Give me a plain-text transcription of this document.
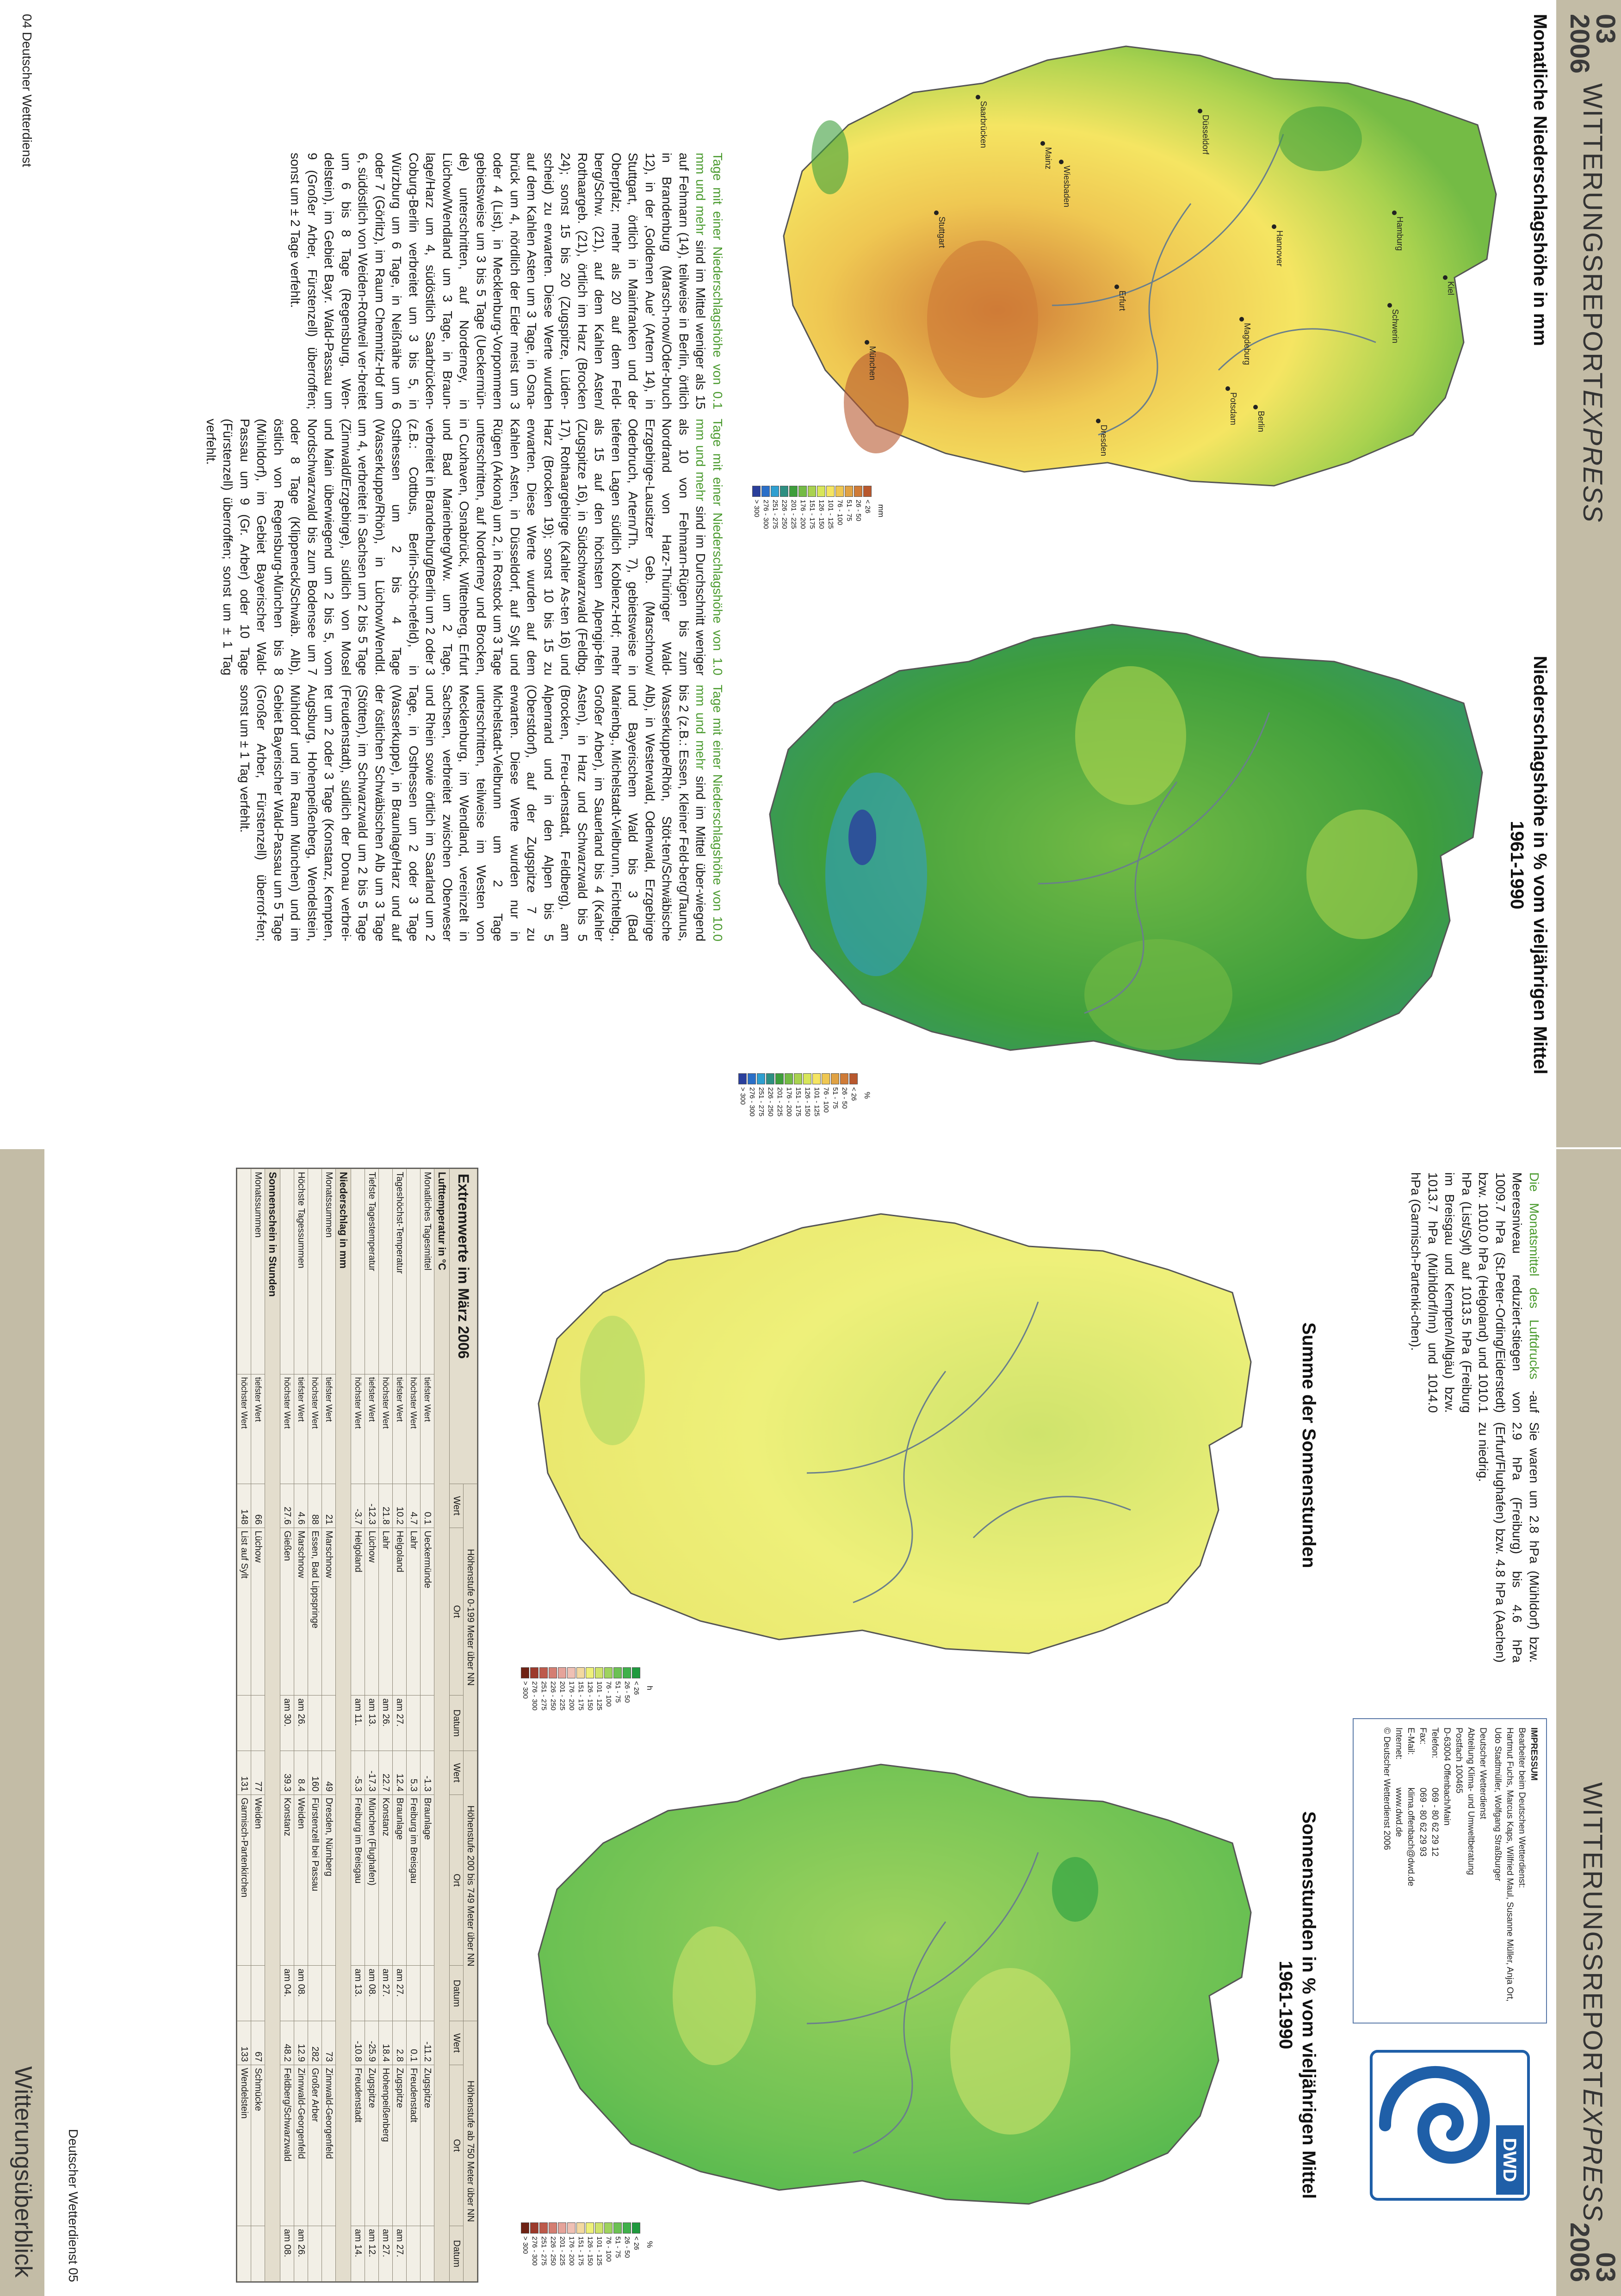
03
2006
WITTERUNGSREPORTEXPRESS
Monatliche Niederschlagshöhe in mm
Niederschlagshöhe in % vom vieljährigen Mittel
1961-1990
Hamburg
Kiel
Schwerin
Berlin
Hannover
Magdeburg
Potsdam
Düsseldorf
Erfurt
Dresden
Wiesbaden
Mainz
Saarbrücken
Stuttgart
München
mm
< 26
26 - 50
51 - 75
76 - 100
101 - 125
126 - 150
151 - 175
176 - 200
201 - 225
226 - 250
251 - 275
276 - 300
> 300
%
< 26
26 - 50
51 - 75
76 - 100
101 - 125
126 - 150
151 - 175
176 - 200
201 - 225
226 - 250
251 - 275
276 - 300
> 300
Tage mit einer Niederschlagshöhe von 0.1 mm und mehr sind im Mittel weniger als 15 auf Fehmarn (14), teilweise in Berlin, örtlich in Brandenburg (Marsch-now/Oder-bruch 12), in der ‚Goldenen Aue' (Artern 14), in Stuttgart, örtlich in Mainfranken und der Oberpfalz; mehr als 20 auf dem Feld-berg/Schw. (21), auf dem Kahlen Asten/ Rothaargeb. (21), örtlich im Harz (Brocken 24); sonst 15 bis 20 (Zugspitze, Lüden-scheid) zu erwarten. Diese Werte wurden auf dem Kahlen Asten um 3 Tage, in Osna-brück um 4, nördlich der Eider meist um 3 oder 4 (List), in Mecklenburg-Vorpommern gebietsweise um 3 bis 5 Tage (Ueckermün-de) unterschritten, auf Norderney, in Lüchow/Wendland um 3 Tage, in Braun-lage/Harz um 4, südöstlich Saarbrücken-Coburg-Berlin verbreitet um 3 bis 5, in Würzburg um 6 Tage, in Neißnähe um 6 oder 7 (Görlitz), im Raum Chemnitz-Hof um 6, südöstlich von Weiden-Rottweil ver-breitet um 6 bis 8 Tage (Regensburg, Wen-delstein), im Gebiet Bayr. Wald-Passau um 9 (Großer Arber, Fürstenzell) überroffen; sonst um ± 2 Tage verfehlt.
Tage mit einer Niederschlagshöhe von 1.0 mm und mehr sind im Durchschnitt weniger als 10 von Fehmarn-Rügen bis zum Nordrand von Harz-Thüringer Wald-Erzgebirge-Lausitzer Geb. (Marschnow/ Oderbruch, Artern/Th. 7), gebietsweise in tieferen Lagen südlich Koblenz-Hof; mehr als 15 auf den höchsten Alpengip-feln (Zugspitze 16), in Südschwarzwald (Feldbg. 17), Rothaargebirge (Kahler As-ten 16) und Harz (Brocken 19); sonst 10 bis 15 zu erwarten. Diese Werte wurden auf dem Kahlen Asten, in Düsseldorf, auf Sylt und Rügen (Arkona) um 2, in Rostock um 3 Tage unterschritten, auf Norderney und Brocken, in Cuxhaven, Osnabrück, Wittenberg, Erfurt und Bad Marienberg/Ww. um 2 Tage, verbreitet in Brandenburg/Berlin um 2 oder 3 (z.B.: Cottbus, Berlin-Schö-nefeld), in Osthessen um 2 bis 4 Tage (Wasserkuppe/Rhön), in Lüchow/Wendld. um 4, verbreitet in Sachsen um 2 bis 5 Tage (Zinnwald/Erzgebirge), südlich von Mosel und Main überwiegend um 2 bis 5, vom Nordschwarzwald bis zum Bodensee um 7 oder 8 Tage (Klippeneck/Schwäb. Alb), östlich von Regensburg-München bis 8 (Mühldorf), im Gebiet Bayerischer Wald-Passau um 9 (Gr. Arber) oder 10 Tage (Fürstenzell) überroffen; sonst um ± 1 Tag verfehlt.
Tage mit einer Niederschlagshöhe von 10.0 mm und mehr sind im Mittel über-wiegend bis 2 (z.B.: Essen, Kleiner Feld-berg/Taunus, Wasserkuppe/Rhön, Stöt-ten/Schwäbische Alb), in Westerwald, Odenwald, Erzgebirge und Bayerischem Wald bis 3 (Bad Marienbg., Michelstadt-Vielbrunn, Fichtelbg., Großer Arber), im Sauerland bis 4 (Kahler Asten), in Harz und Schwarzwald bis 5 (Brocken, Freu-denstadt, Feldberg), am Alpenrand und in den Alpen bis 5 (Oberstdorf), auf der Zugspitze 7 zu erwarten. Diese Werte wurden nur in Michelstadt-Vielbrunn um 2 Tage unterschritten, teilweise im Westen von Mecklenburg, im Wendland, vereinzelt in Sachsen, verbreitet zwischen Oberweser und Rhein sowie örtlich im Saarland um 2 Tage, in Osthessen um 2 oder 3 Tage (Wasserkuppe), in Braunlage/Harz und auf der östlichen Schwäbischen Alb um 3 Tage (Stötten), im Schwarzwald um 2 bis 5 Tage (Freudenstadt), südlich der Donau verbrei-tet um 2 oder 3 Tage (Konstanz, Kempten, Augsburg, Hohenpeißenberg, Wendelstein, Mühldorf und im Raum München) und im Gebiet Bayerischer Wald-Passau um 5 Tage (Großer Arber, Fürstenzell) überrof-fen; sonst um ± 1 Tag verfehlt.
04 Deutscher Wetterdienst
WITTERUNGSREPORTEXPRESS
03
2006
Die Monatsmittel des Luftdrucks -auf Meeresniveau reduziert-stiegen von 1009.7 hPa (St.Peter-Ording/Eiderstedt) bzw. 1010.0 hPa (Helgoland) und 1010.1 hPa (List/Sylt) auf 1013.5 hPa (Freiburg im Breisgau und Kempten/Allgäu) bzw. 1013.7 hPa (Mühldorf/Inn) und 1014.0 hPa (Garmisch-Partenki-chen).
Sie waren um 2.8 hPa (Mühldorf) bzw. 2.9 hPa (Freiburg) bis 4.6 hPa (Erfurt/Flughafen) bzw. 4.8 hPa (Aachen) zu niedrig.
IMPRESSUM
Bearbeiter beim Deutschen Wetterdienst:
Hartmut Fuchs, Marcus Kaps, Wilfried Maul, Susanne Müller, Anja Ort,
Udo Stadtmüller, Wolfgang Straßburger
Deutscher Wetterdienst
Abteilung Klima- und Umweltberatung
Postfach 100465
D-63004 Offenbach/Main
Telefon:
069 - 80 62 29 12
Fax:
069 - 80 62 29 93
E-Mail:
klima.offenbach@dwd.de
Internet:
www.dwd.de
© Deutscher Wetterdienst 2006
DWD
Summe der Sonnenstunden
Sonnenstunden in % vom vieljährigen Mittel
1961-1990
h
< 26
26 - 50
51 - 75
76 - 100
101 - 125
126 - 150
151 - 175
176 - 200
201 - 225
226 - 250
251 - 275
276 - 300
> 300
%
< 26
26 - 50
51 - 75
76 - 100
101 - 125
126 - 150
151 - 175
176 - 200
201 - 225
226 - 250
251 - 275
276 - 300
> 300
Extremwerte im März 2006		Höhenstufe 0-199 Meter über NN			Höhenstufe 200 bis 749 Meter über NN			Höhenstufe ab 750 Meter über NN		
		Wert	Ort	Datum	Wert	Ort	Datum	Wert	Ort	Datum
Lufttemperatur in °C										
Monatliches Tagesmittel	tiefster Wert	0.1	Ueckermünde		-1.3	Braunlage		-11.2	Zugspitze	
	höchster Wert	4.7	Lahr		5.3	Freiburg im Breisgau		0.1	Freudenstadt	
Tageshöchst-Temperatur	tiefster Wert	10.2	Helgoland	am 27.	12.4	Braunlage	am 27.	2.8	Zugspitze	am 27.
	höchster Wert	21.8	Lahr	am 26.	22.7	Konstanz	am 27.	18.4	Hohenpeißenberg	am 27.
Tiefste Tagestemperatur	tiefster Wert	-12.3	Lüchow	am 13.	-17.3	München (Flughafen)	am 08.	-25.9	Zugspitze	am 12.
	höchster Wert	-3.7	Helgoland	am 11.	-5.3	Freiburg im Breisgau	am 13.	-10.8	Freudenstadt	am 14.
Niederschlag in mm										
Monatssummen	tiefster Wert	21	Marschnow		49	Dresden, Nürnberg		73	Zinnwald-Georgenfeld	
	höchster Wert	88	Essen, Bad Lippspringe		160	Fürstenzell bei Passau		282	Großer Arber	
Höchste Tagessummen	tiefster Wert	4.6	Marschnow	am 26.	8.4	Weiden	am 08.	12.9	Zinnwald-Georgenfeld	am 26.
	höchster Wert	27.6	Gießen	am 30.	39.3	Konstanz	am 04.	48.2	Feldberg/Schwarzwald	am 08.
Sonnenschein in Stunden										
Monatssummen	tiefster Wert	66	Lüchow		77	Weiden		67	Schmücke	
	höchster Wert	148	List auf Sylt		131	Garmisch-Partenkirchen		133	Wendelstein	
Deutscher Wetterdienst 05
Witterungsüberblick
